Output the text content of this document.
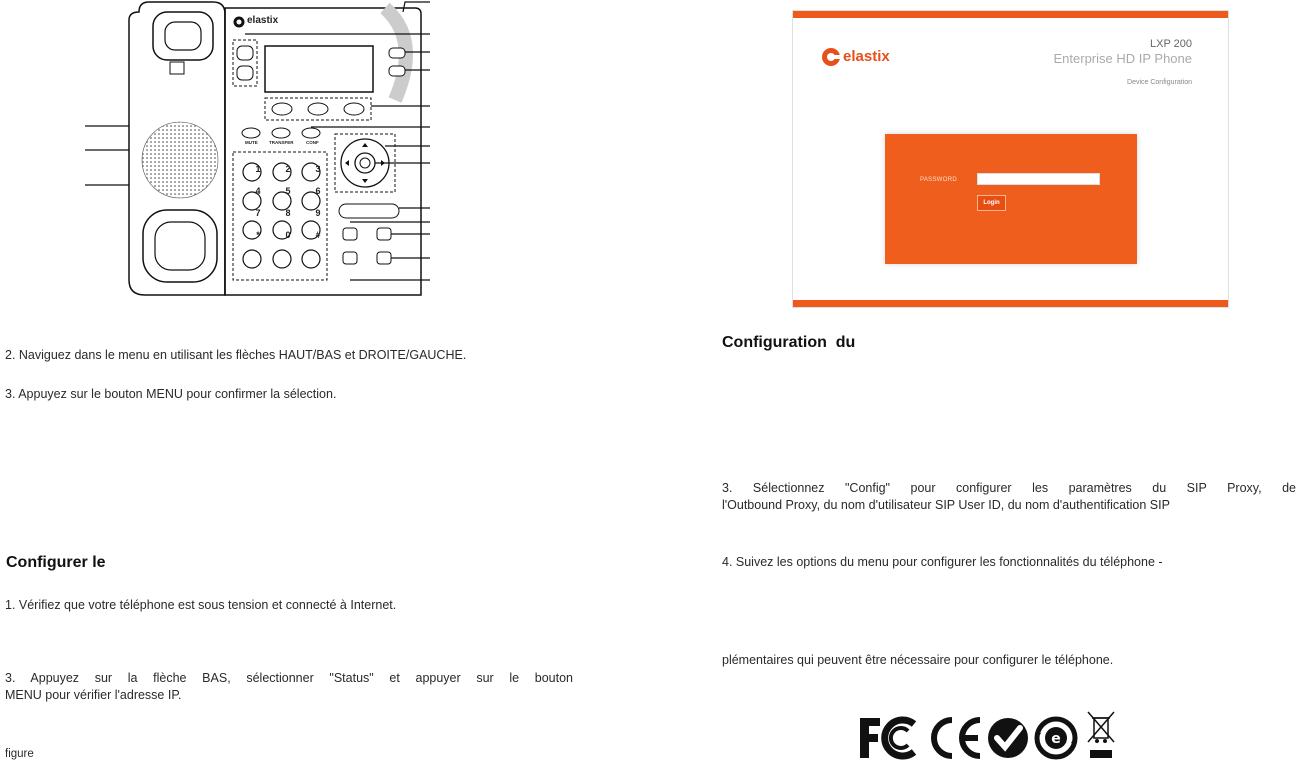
elastix
MUTE	TRANSFER	CONF
1	2	3
4	5	6
7	8	9
*	0	#
2. Naviguez dans le menu en utilisant les flèches HAUT/BAS et DROITE/GAUCHE.
3. Appuyez sur le bouton MENU pour confirmer la sélection.
Configurer le
1. Vérifiez que votre téléphone est sous tension et connecté à Internet.
3. Appuyez sur la flèche BAS, sélectionner "Status" et appuyer sur le bouton
MENU pour vérifier l'adresse IP.
figure
elastix
LXP 200
Enterprise HD IP Phone
Device Configuration
PASSWORD
Login
Configuration  du
3.  Sélectionnez  "Config"  pour  configurer  les  paramètres  du  SIP  Proxy,  de
l'Outbound Proxy, du nom d'utilisateur SIP User ID, du nom d'authentification SIP
4. Suivez les options du menu pour configurer les fonctionnalités du téléphone -
plémentaires qui peuvent être nécessaire pour configurer le téléphone.
e
